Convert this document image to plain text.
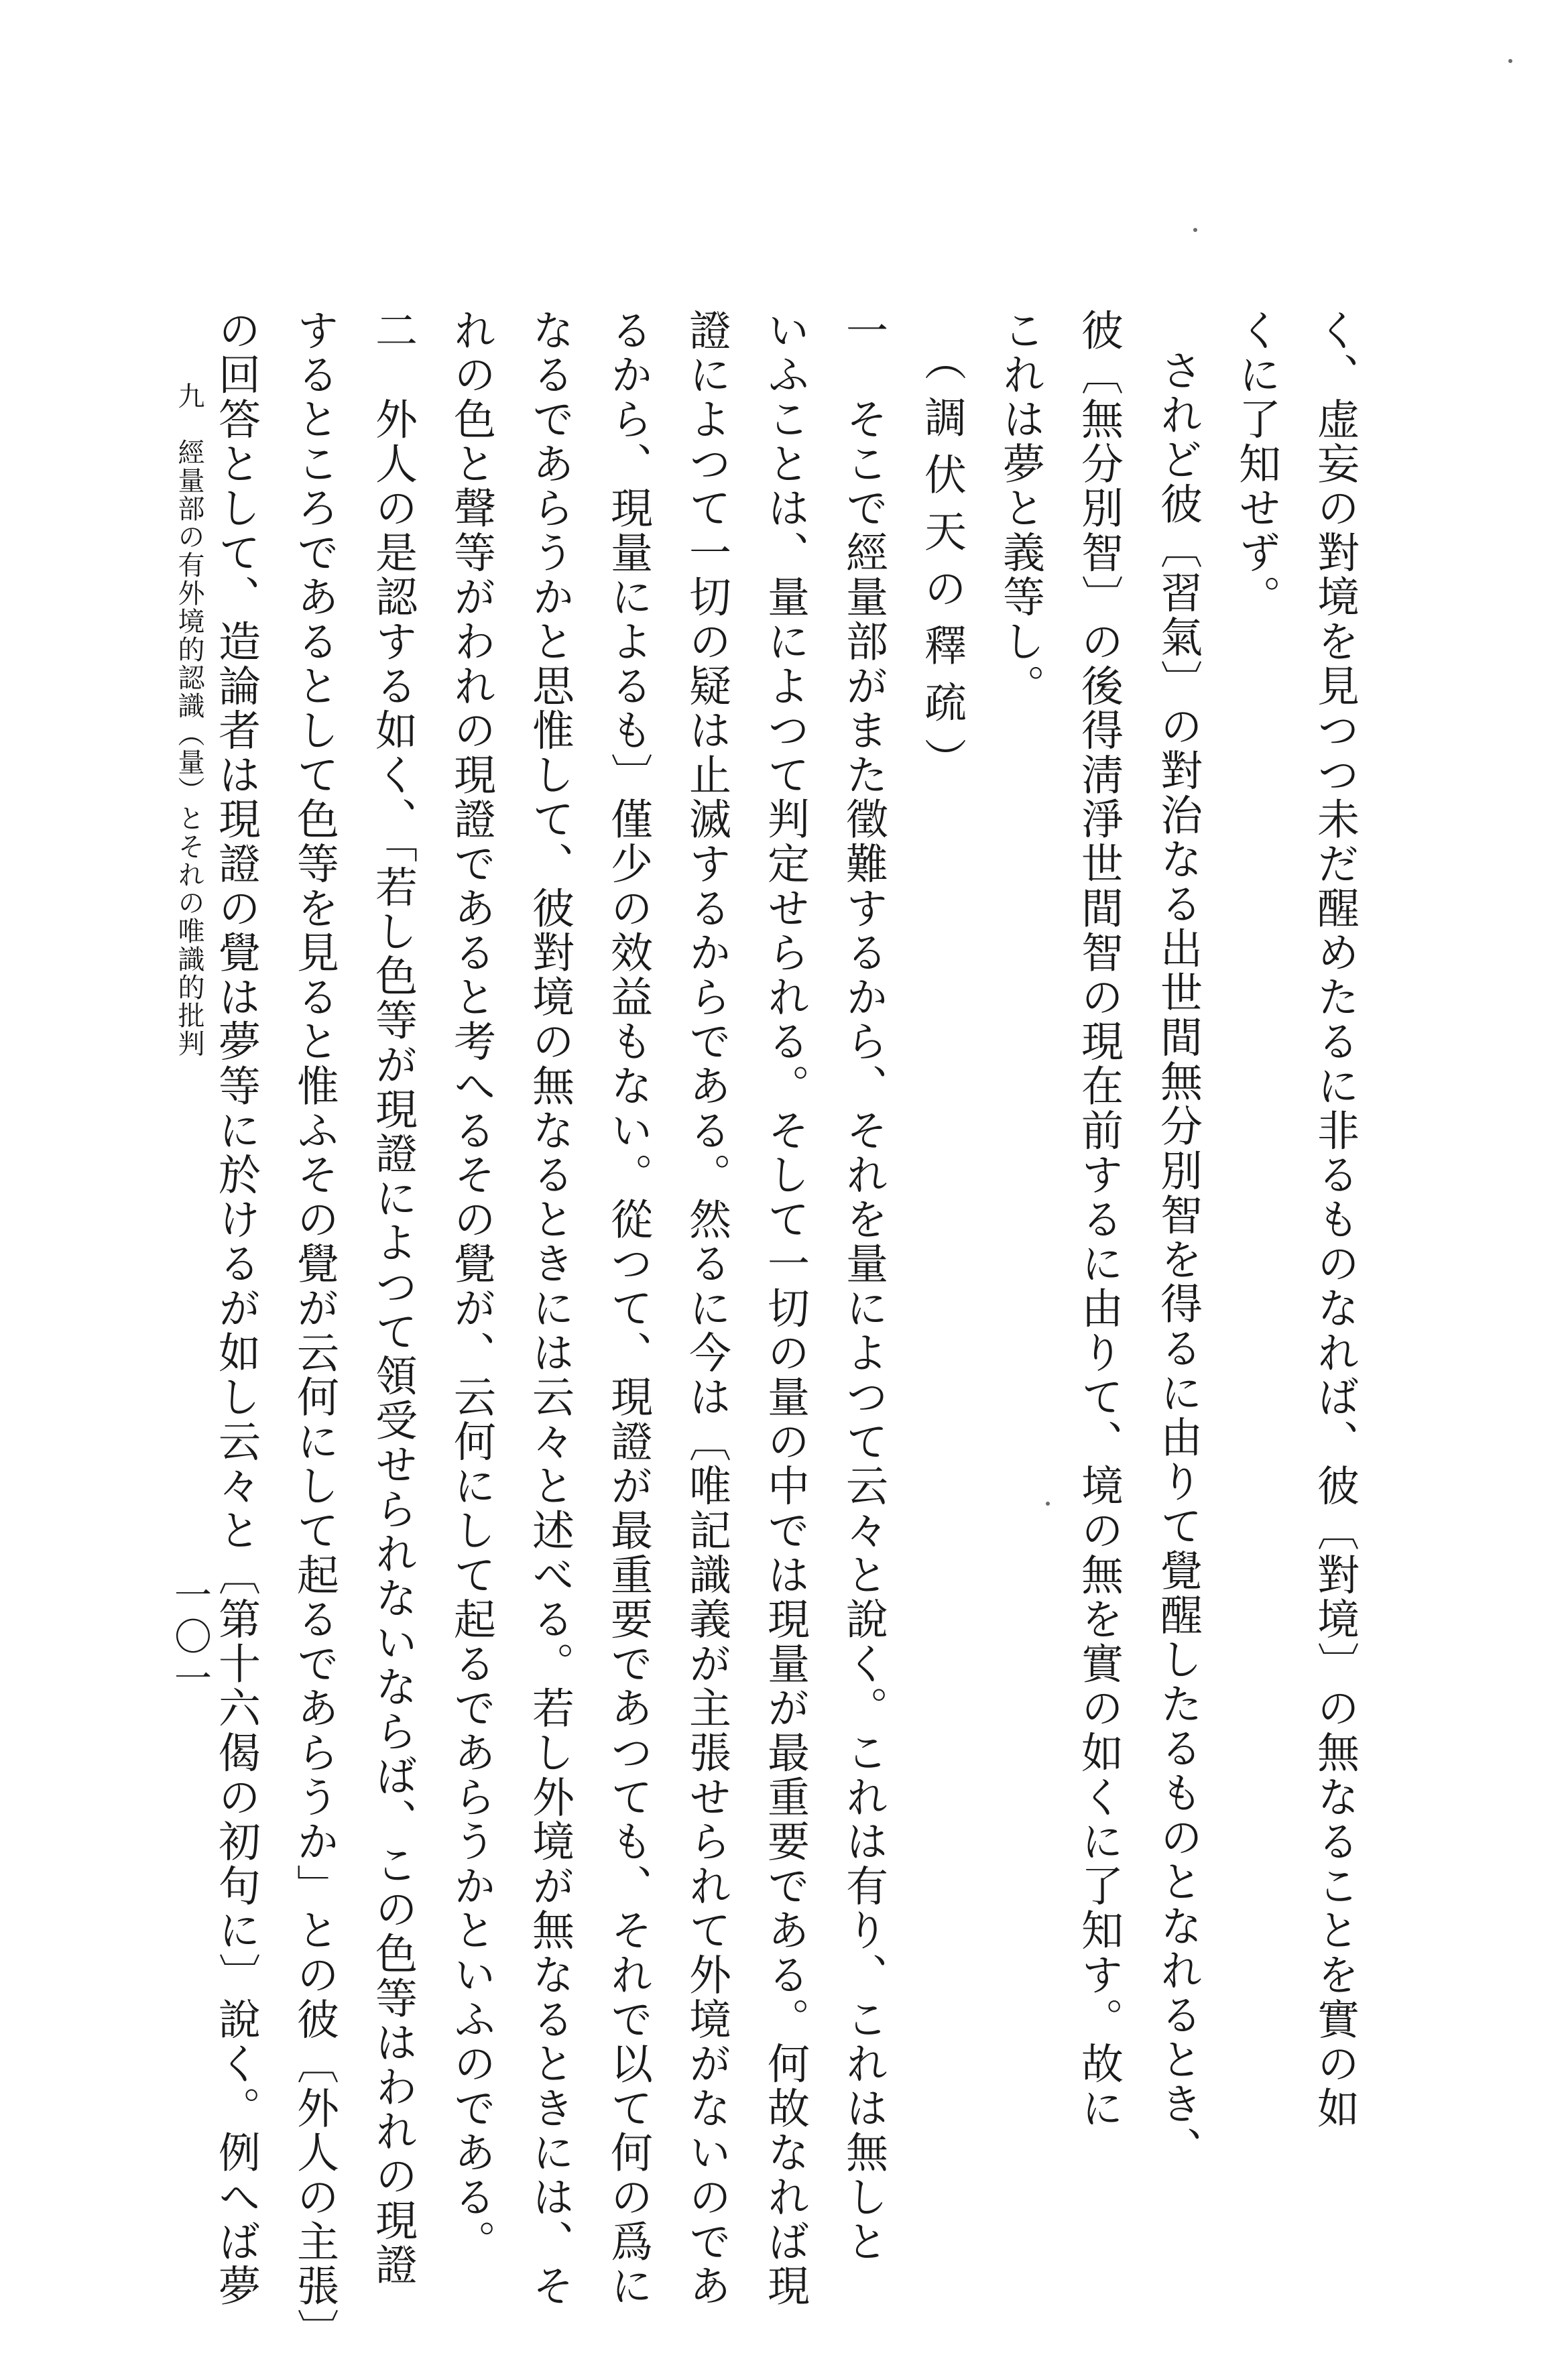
く、虚妄の對境を見つつ未だ醒めたるに非るものなれば、彼〔對境〕の無なることを實の如
くに了知せず。
されど彼〔習氣〕の對治なる出世間無分別智を得るに由りて覺醒したるものとなれるとき、
彼〔無分別智〕の後得淸淨世間智の現在前するに由りて、境の無を實の如くに了知す。故に
これは夢と義等し。
（調伏天の釋疏）
一　そこで經量部がまた徵難するから、それを量によつて云々と說く。これは有り、これは無しと
いふことは、量によつて判定せられる。そして一切の量の中では現量が最重要である。何故なれば現
證によつて一切の疑は止滅するからである。然るに今は〔唯記識義が主張せられて外境がないのであ
るから、現量によるも〕僅少の效益もない。從つて、現證が最重要であつても、それで以て何の爲に
なるであらうかと思惟して、彼對境の無なるときには云々と述べる。若し外境が無なるときには、そ
れの色と聲等がわれの現證であると考へるその覺が、云何にして起るであらうかといふのである。
二　外人の是認する如く、「若し色等が現證によつて領受せられないならば、この色等はわれの現證
するところであるとして色等を見ると惟ふその覺が云何にして起るであらうか」との彼〔外人の主張〕
の回答として、造論者は現證の覺は夢等に於けるが如し云々と〔第十六偈の初句に〕說く。例へば夢
九　經量部の有外境的認識（量）とそれの唯識的批判
一〇一
